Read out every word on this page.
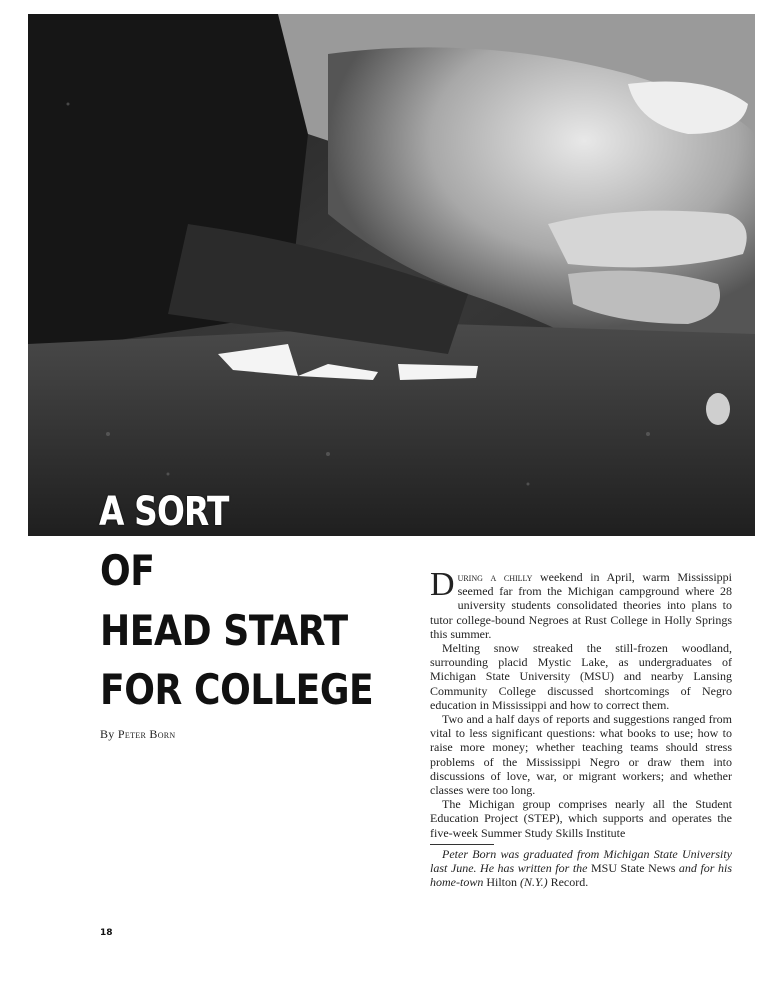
A SORT
OF
HEAD START
FOR COLLEGE
By Peter Born

During a chilly weekend in April, warm Mississippi seemed far from the Michigan campground where 28 university students consolidated theories into plans to tutor college-bound Negroes at Rust College in Holly Springs this summer.

Melting snow streaked the still-frozen woodland, surrounding placid Mystic Lake, as undergraduates of Michigan State University (MSU) and nearby Lansing Community College discussed shortcomings of Negro education in Mississippi and how to correct them.

Two and a half days of reports and suggestions ranged from vital to less significant questions: what books to use; how to raise more money; whether teaching teams should stress problems of the Mississippi Negro or draw them into discussions of love, war, or migrant workers; and whether classes were too long.

The Michigan group comprises nearly all the Student Education Project (STEP), which supports and operates the five-week Summer Study Skills Institute

Peter Born was graduated from Michigan State University last June. He has written for the MSU State News and for his home-town Hilton (N.Y.) Record.

18
